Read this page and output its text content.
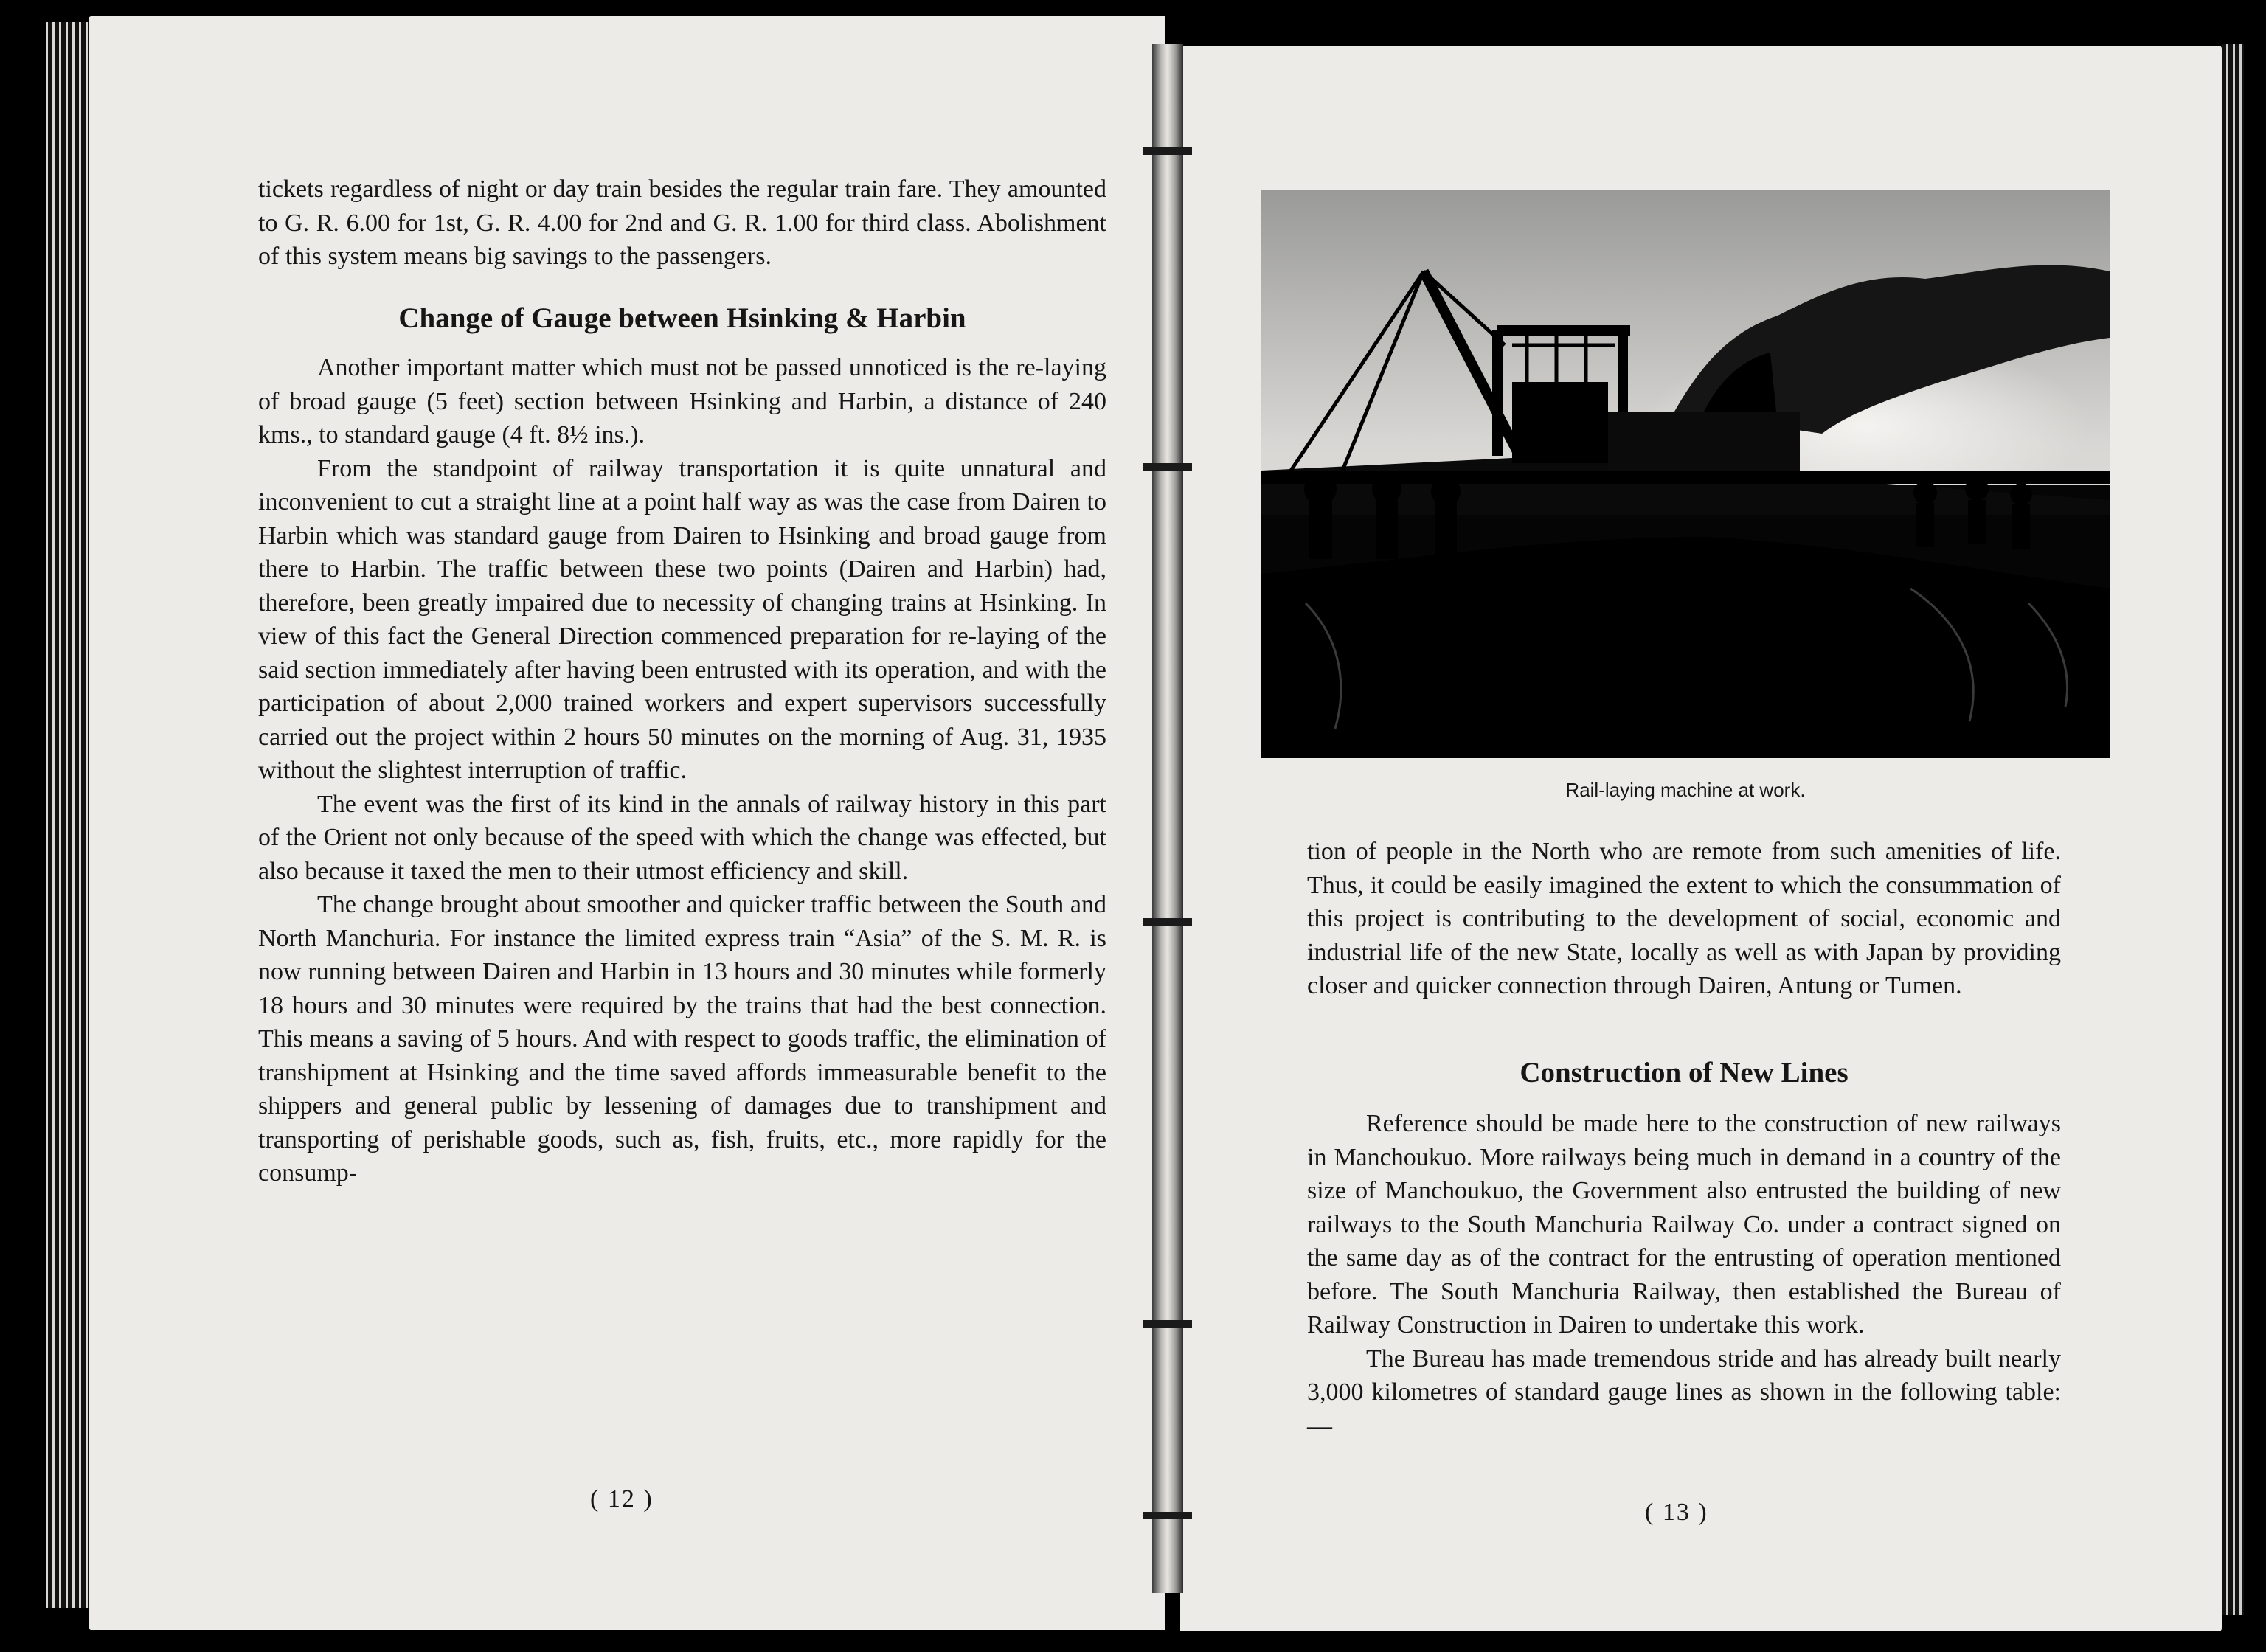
tickets regardless of night or day train besides the regular train fare. They amounted to G. R. 6.00 for 1st, G. R. 4.00 for 2nd and G. R. 1.00 for third class. Abolishment of this system means big savings to the passengers.

Change of Gauge between Hsinking & Harbin

Another important matter which must not be passed unnoticed is the re-laying of broad gauge (5 feet) section between Hsinking and Harbin, a distance of 240 kms., to standard gauge (4 ft. 8½ ins.).

From the standpoint of railway transportation it is quite unnatural and inconvenient to cut a straight line at a point half way as was the case from Dairen to Harbin which was standard gauge from Dairen to Hsinking and broad gauge from there to Harbin. The traffic between these two points (Dairen and Harbin) had, therefore, been greatly impaired due to necessity of changing trains at Hsinking. In view of this fact the General Direction commenced preparation for re-laying of the said section immediately after having been entrusted with its operation, and with the participation of about 2,000 trained workers and expert supervisors successfully carried out the project within 2 hours 50 minutes on the morning of Aug. 31, 1935 without the slightest interruption of traffic.

The event was the first of its kind in the annals of railway history in this part of the Orient not only because of the speed with which the change was effected, but also because it taxed the men to their utmost efficiency and skill.

The change brought about smoother and quicker traffic between the South and North Manchuria. For instance the limited express train “Asia” of the S. M. R. is now running between Dairen and Harbin in 13 hours and 30 minutes while formerly 18 hours and 30 minutes were required by the trains that had the best connection. This means a saving of 5 hours. And with respect to goods traffic, the elimination of transhipment at Hsinking and the time saved affords immeasurable benefit to the shippers and general public by lessening of damages due to transhipment and transporting of perishable goods, such as, fish, fruits, etc., more rapidly for the consump-

( 12 )
Rail-laying machine at work.

tion of people in the North who are remote from such amenities of life. Thus, it could be easily imagined the extent to which the consummation of this project is contributing to the development of social, economic and industrial life of the new State, locally as well as with Japan by providing closer and quicker connection through Dairen, Antung or Tumen.

Construction of New Lines

Reference should be made here to the construction of new railways in Manchoukuo. More railways being much in demand in a country of the size of Manchoukuo, the Government also entrusted the building of new railways to the South Manchuria Railway Co. under a contract signed on the same day as of the contract for the entrusting of operation mentioned before. The South Manchuria Railway, then established the Bureau of Railway Construction in Dairen to undertake this work.

The Bureau has made tremendous stride and has already built nearly 3,000 kilometres of standard gauge lines as shown in the following table:—

( 13 )
